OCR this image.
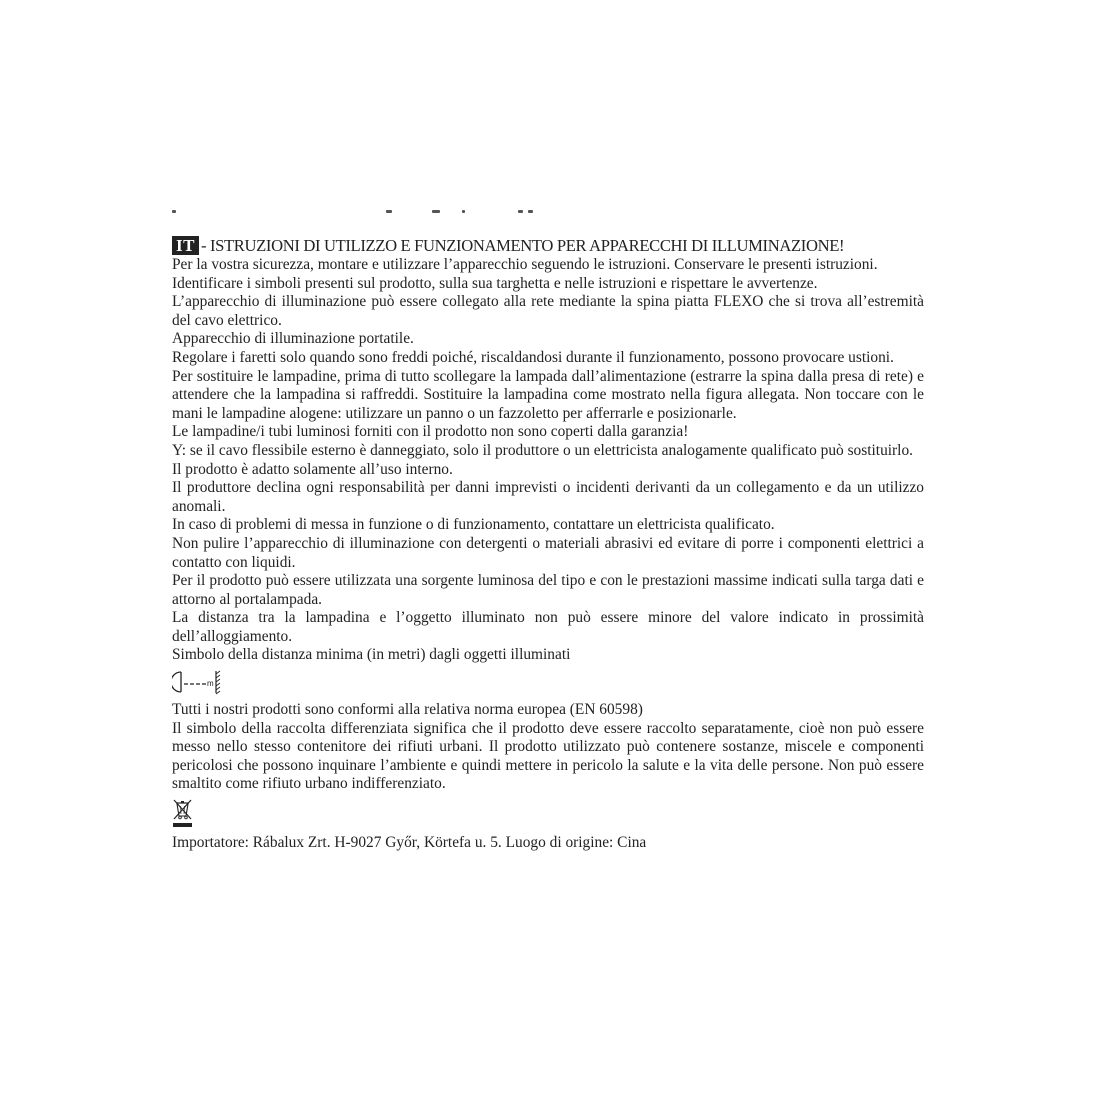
IT - ISTRUZIONI DI UTILIZZO E FUNZIONAMENTO PER APPARECCHI DI ILLUMINAZIONE!

Per la vostra sicurezza, montare e utilizzare l’apparecchio seguendo le istruzioni. Conservare le presenti istruzioni.

Identificare i simboli presenti sul prodotto, sulla sua targhetta e nelle istruzioni e rispettare le avvertenze.

L’apparecchio di illuminazione può essere collegato alla rete mediante la spina piatta FLEXO che si trova all’estremità del cavo elettrico.

Apparecchio di illuminazione portatile.

Regolare i faretti solo quando sono freddi poiché, riscaldandosi durante il funzionamento, possono provocare ustioni.

Per sostituire le lampadine, prima di tutto scollegare la lampada dall’alimentazione (estrarre la spina dalla presa di rete) e attendere che la lampadina si raffreddi. Sostituire la lampadina come mostrato nella figura allegata. Non toccare con le mani le lampadine alogene: utilizzare un panno o un fazzoletto per afferrarle e posizionarle.

Le lampadine/i tubi luminosi forniti con il prodotto non sono coperti dalla garanzia!

Y: se il cavo flessibile esterno è danneggiato, solo il produttore o un elettricista analogamente qualificato può sostituirlo.

Il prodotto è adatto solamente all’uso interno.

Il produttore declina ogni responsabilità per danni imprevisti o incidenti derivanti da un collegamento e da un utilizzo anomali.

In caso di problemi di messa in funzione o di funzionamento, contattare un elettricista qualificato.

Non pulire l’apparecchio di illuminazione con detergenti o materiali abrasivi ed evitare di porre i componenti elettrici a contatto con liquidi.

Per il prodotto può essere utilizzata una sorgente luminosa del tipo e con le prestazioni massime indicati sulla targa dati e attorno al portalampada.

La distanza tra la lampadina e l’oggetto illuminato non può essere minore del valore indicato in prossimità dell’alloggiamento.

Simbolo della distanza minima (in metri) dagli oggetti illuminati

m

Tutti i nostri prodotti sono conformi alla relativa norma europea (EN 60598)

Il simbolo della raccolta differenziata significa che il prodotto deve essere raccolto separatamente, cioè non può essere messo nello stesso contenitore dei rifiuti urbani. Il prodotto utilizzato può contenere sostanze, miscele e componenti pericolosi che possono inquinare l’ambiente e quindi mettere in pericolo la salute e la vita delle persone. Non può essere smaltito come rifiuto urbano indifferenziato.

Importatore: Rábalux Zrt. H-9027 Győr, Körtefa u. 5. Luogo di origine: Cina
